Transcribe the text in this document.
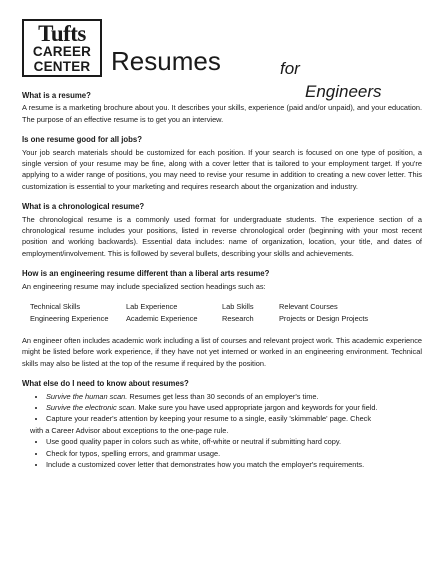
Tufts
CAREER
CENTER Resumes	for
Engineers
What is a resume?

A resume is a marketing brochure about you. It describes your skills, experience (paid and/or unpaid), and your education. The purpose of an effective resume is to get you an interview.

Is one resume good for all jobs?

Your job search materials should be customized for each position. If your search is focused on one type of position, a single version of your resume may be fine, along with a cover letter that is tailored to your employment target. If you're applying to a wider range of positions, you may need to revise your resume in addition to creating a new cover letter. This customization is essential to your marketing and requires research about the organization and industry.

What is a chronological resume?

The chronological resume is a commonly used format for undergraduate students. The experience section of a chronological resume includes your positions, listed in reverse chronological order (beginning with your most recent position and working backwards). Essential data includes: name of organization, location, your title, and dates of employment/involvement. This is followed by several bullets, describing your skills and achievements.

How is an engineering resume different than a liberal arts resume?

An engineering resume may include specialized section headings such as:

Technical Skills	Lab Experience	Lab Skills	Relevant Courses
Engineering Experience	Academic Experience	Research	Projects or Design Projects

An engineer often includes academic work including a list of courses and relevant project work. This academic experience might be listed before work experience, if they have not yet interned or worked in an engineering environment. Technical skills may also be listed at the top of the resume if required by the position.

What else do I need to know about resumes?
• Survive the human scan. Resumes get less than 30 seconds of an employer's time.
• Survive the electronic scan. Make sure you have used appropriate jargon and keywords for your field.
• Capture your reader's attention by keeping your resume to a single, easily 'skimmable' page. Check
with a Career Advisor about exceptions to the one-page rule.
• Use good quality paper in colors such as white, off-white or neutral if submitting hard copy.
• Check for typos, spelling errors, and grammar usage.
• Include a customized cover letter that demonstrates how you match the employer's requirements.
